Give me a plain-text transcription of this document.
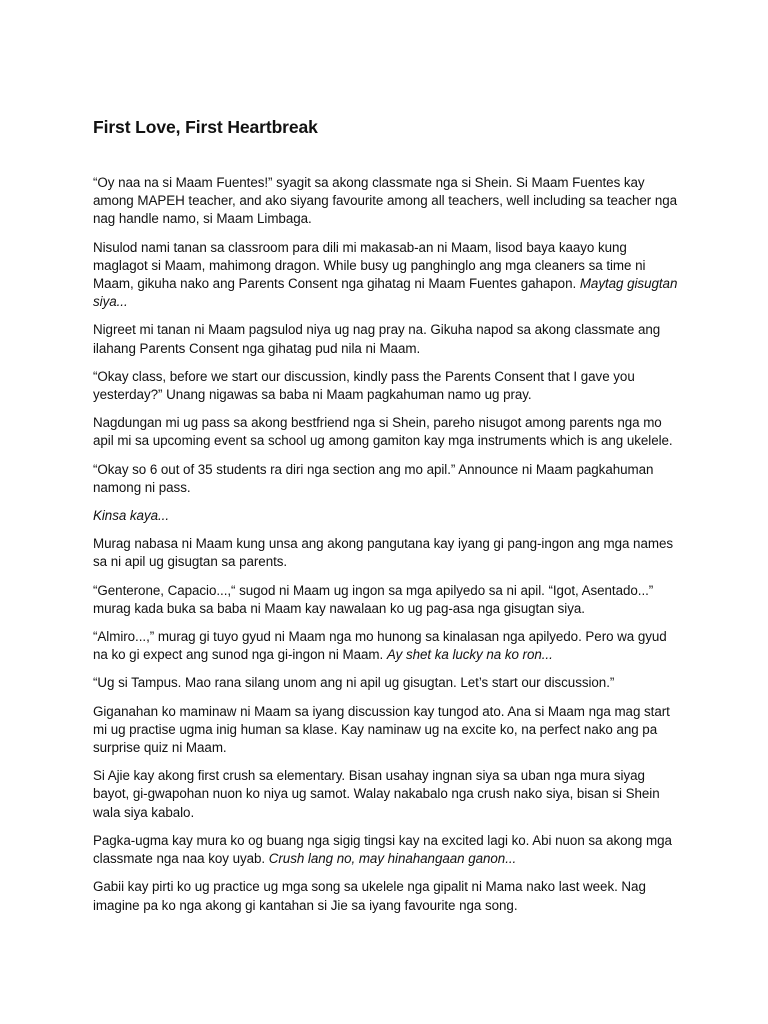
First Love, First Heartbreak

“Oy naa na si Maam Fuentes!” syagit sa akong classmate nga si Shein. Si Maam Fuentes kay among MAPEH teacher, and ako siyang favourite among all teachers, well including sa teacher nga nag handle namo, si Maam Limbaga.

Nisulod nami tanan sa classroom para dili mi makasab-an ni Maam, lisod baya kaayo kung maglagot si Maam, mahimong dragon. While busy ug panghinglo ang mga cleaners sa time ni Maam, gikuha nako ang Parents Consent nga gihatag ni Maam Fuentes gahapon. Maytag gisugtan siya...

Nigreet mi tanan ni Maam pagsulod niya ug nag pray na. Gikuha napod sa akong classmate ang ilahang Parents Consent nga gihatag pud nila ni Maam.

“Okay class, before we start our discussion, kindly pass the Parents Consent that I gave you yesterday?” Unang nigawas sa baba ni Maam pagkahuman namo ug pray.

Nagdungan mi ug pass sa akong bestfriend nga si Shein, pareho nisugot among parents nga mo apil mi sa upcoming event sa school ug among gamiton kay mga instruments which is ang ukelele.

“Okay so 6 out of 35 students ra diri nga section ang mo apil.” Announce ni Maam pagkahuman namong ni pass.

Kinsa kaya...

Murag nabasa ni Maam kung unsa ang akong pangutana kay iyang gi pang-ingon ang mga names sa ni apil ug gisugtan sa parents.

“Genterone, Capacio...,“ sugod ni Maam ug ingon sa mga apilyedo sa ni apil. “Igot, Asentado...” murag kada buka sa baba ni Maam kay nawalaan ko ug pag-asa nga gisugtan siya.

“Almiro...,” murag gi tuyo gyud ni Maam nga mo hunong sa kinalasan nga apilyedo. Pero wa gyud na ko gi expect ang sunod nga gi-ingon ni Maam. Ay shet ka lucky na ko ron...

“Ug si Tampus. Mao rana silang unom ang ni apil ug gisugtan. Let’s start our discussion.”

Giganahan ko maminaw ni Maam sa iyang discussion kay tungod ato. Ana si Maam nga mag start mi ug practise ugma inig human sa klase. Kay naminaw ug na excite ko, na perfect nako ang pa surprise quiz ni Maam.

Si Ajie kay akong first crush sa elementary. Bisan usahay ingnan siya sa uban nga mura siyag bayot, gi-gwapohan nuon ko niya ug samot. Walay nakabalo nga crush nako siya, bisan si Shein wala siya kabalo.

Pagka-ugma kay mura ko og buang nga sigig tingsi kay na excited lagi ko. Abi nuon sa akong mga classmate nga naa koy uyab. Crush lang no, may hinahangaan ganon...

Gabii kay pirti ko ug practice ug mga song sa ukelele nga gipalit ni Mama nako last week. Nag imagine pa ko nga akong gi kantahan si Jie sa iyang favourite nga song.
